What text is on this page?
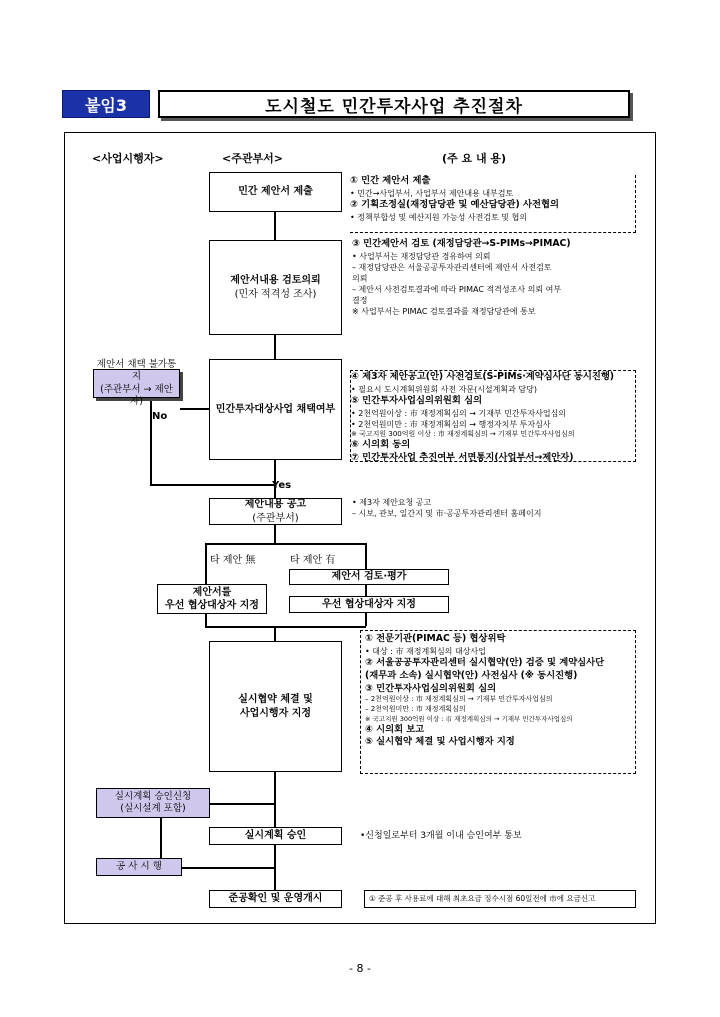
붙임3	도시철도 민간투자사업 추진절차
<사업시행자>	<주관부서>	(주 요 내 용)
민간 제안서 제출
제안서내용 검토의뢰
(민자 적격성 조사)
민간투자대상사업 채택여부
제안내용 공고
(주관부서)
제안서를
우선 협상대상자 지정
제안서 검토·평가
우선 협상대상자 지정
실시협약 체결 및
사업시행자 지정
실시계획 승인
준공확인 및 운영개시
제안서 채택 불가통지
(주관부서 → 제안자)
실시계획 승인신청
(실시설계 포함)
공 사 시 행
No
Yes
타 제안 無	타 제안 有
① 민간 제안서 제출
• 민간→사업부서, 사업부서 제안내용 내부검토
② 기획조정실(재정담당관 및 예산담당관) 사전협의
• 정책부합성 및 예산지원 가능성 사전검토 및 협의
③ 민간제안서 검토 (재정담당관→S-PIMs→PIMAC)
• 사업부서는 재정담당관 경유하여 의뢰
– 재정담당관은 서울공공투자관리센터에 제안서 사전검토
의뢰
– 제안서 사전검토결과에 따라 PIMAC 적격성조사 의뢰 여부
결정
※ 사업부서는 PIMAC 검토결과를 재정담당관에 통보
④ 제3자 제안공고(안) 사전검토(S-PIMs·계약심사단 동시진행)
• 필요시 도시계획위원회 사전 자문(시설계획과 담당)
⑤ 민간투자사업심의위원회 심의
• 2천억원이상 : 市 재정계획심의 → 기재부 민간투자사업심의
• 2천억원미만 : 市 재정계획심의 → 행정자치부 투자심사
※ 국고지원 300억원 이상 : 市 재정계획심의 → 기재부 민간투자사업심의
⑥ 시의회 동의
⑦ 민간투자사업 추진여부 서면통지(사업부서→제안자)
• 제3자 제안요청 공고
– 시보, 관보, 일간지 및 市·공공투자관리센터 홈페이지
① 전문기관(PIMAC 등) 협상위탁
• 대상 : 市 재정계획심의 대상사업
② 서울공공투자관리센터 실시협약(안) 검증 및 계약심사단
(재무과 소속) 실시협약(안) 사전심사 (※ 동시진행)
③ 민간투자사업심의위원회 심의
– 2천억원이상 : 市 재정계획심의 → 기재부 민간투자사업심의
– 2천억원미만 : 市 재정계획심의
※ 국고지원 300억원 이상 : 市 재정계획심의 → 기재부 민간투자사업심의
④ 시의회 보고
⑤ 실시협약 체결 및 사업시행자 지정
•신청일로부터 3개월 이내 승인여부 통보
① 준공 후 사용료에 대해 최초요금 징수시점 60일전에 市에 요금신고
- 8 -
